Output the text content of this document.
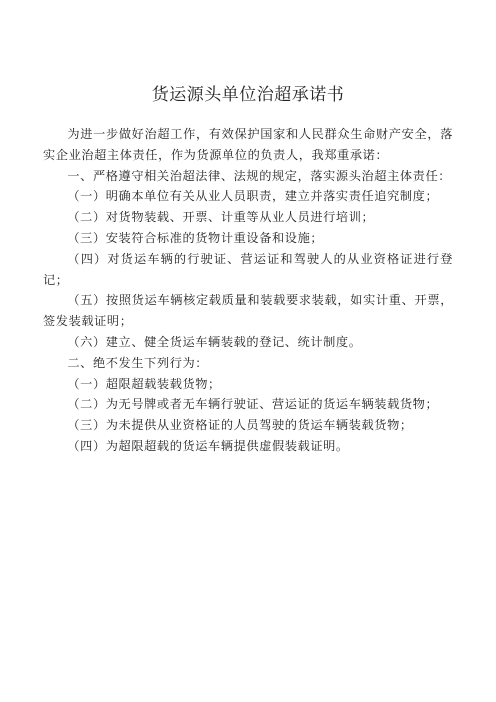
货运源头单位治超承诺书

为进一步做好治超工作，有效保护国家和人民群众生命财产安全，落实企业治超主体责任，作为货源单位的负责人，我郑重承诺：

一、严格遵守相关治超法律、法规的规定，落实源头治超主体责任：

（一）明确本单位有关从业人员职责，建立并落实责任追究制度；

（二）对货物装载、开票、计重等从业人员进行培训；

（三）安装符合标准的货物计重设备和设施；

（四）对货运车辆的行驶证、营运证和驾驶人的从业资格证进行登记；

（五）按照货运车辆核定载质量和装载要求装载，如实计重、开票，签发装载证明；

（六）建立、健全货运车辆装载的登记、统计制度。

二、绝不发生下列行为：

（一）超限超载装载货物；

（二）为无号牌或者无车辆行驶证、营运证的货运车辆装载货物；

（三）为未提供从业资格证的人员驾驶的货运车辆装载货物；

（四）为超限超载的货运车辆提供虚假装载证明。
